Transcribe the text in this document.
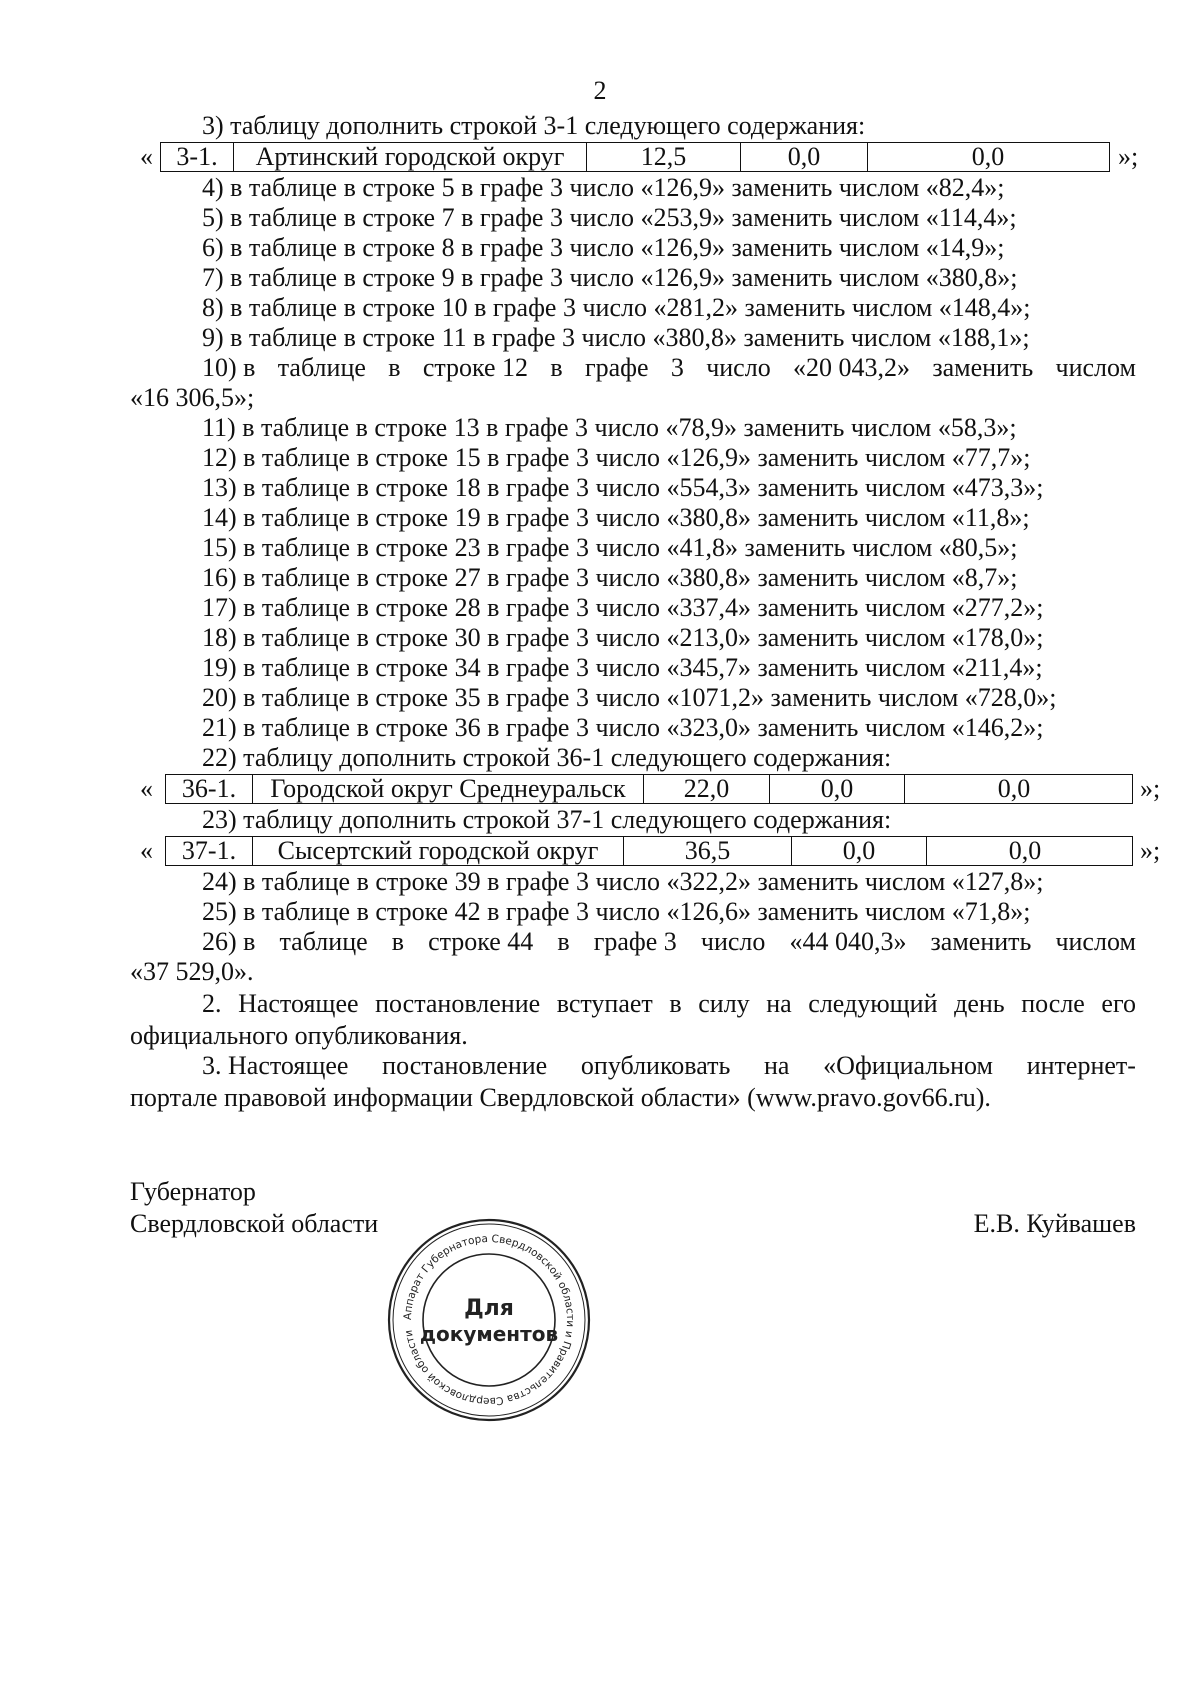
2
3) таблицу дополнить строкой 3-1 следующего содержания:
« 3-1.	Артинский городской округ	12,5	0,0	0,0	»;
4) в таблице в строке 5 в графе 3 число «126,9» заменить числом «82,4»;
5) в таблице в строке 7 в графе 3 число «253,9» заменить числом «114,4»;
6) в таблице в строке 8 в графе 3 число «126,9» заменить числом «14,9»;
7) в таблице в строке 9 в графе 3 число «126,9» заменить числом «380,8»;
8) в таблице в строке 10 в графе 3 число «281,2» заменить числом «148,4»;
9) в таблице в строке 11 в графе 3 число «380,8» заменить числом «188,1»;
10) в таблице в строке 12 в графе 3 число «20 043,2» заменить числом
«16 306,5»;
11) в таблице в строке 13 в графе 3 число «78,9» заменить числом «58,3»;
12) в таблице в строке 15 в графе 3 число «126,9» заменить числом «77,7»;
13) в таблице в строке 18 в графе 3 число «554,3» заменить числом «473,3»;
14) в таблице в строке 19 в графе 3 число «380,8» заменить числом «11,8»;
15) в таблице в строке 23 в графе 3 число «41,8» заменить числом «80,5»;
16) в таблице в строке 27 в графе 3 число «380,8» заменить числом «8,7»;
17) в таблице в строке 28 в графе 3 число «337,4» заменить числом «277,2»;
18) в таблице в строке 30 в графе 3 число «213,0» заменить числом «178,0»;
19) в таблице в строке 34 в графе 3 число «345,7» заменить числом «211,4»;
20) в таблице в строке 35 в графе 3 число «1071,2» заменить числом «728,0»;
21) в таблице в строке 36 в графе 3 число «323,0» заменить числом «146,2»;
22) таблицу дополнить строкой 36-1 следующего содержания:
«	36-1.	Городской округ Среднеуральск	22,0	0,0	0,0	»;
23) таблицу дополнить строкой 37-1 следующего содержания:
«	37-1.	Сысертский городской округ	36,5	0,0	0,0	»;
24) в таблице в строке 39 в графе 3 число «322,2» заменить числом «127,8»;
25) в таблице в строке 42 в графе 3 число «126,6» заменить числом «71,8»;
26) в таблице в строке 44 в графе 3 число «44 040,3» заменить числом
«37 529,0».
2. Настоящее постановление вступает в силу на следующий день после его
официального опубликования.
3. Настоящее постановление опубликовать на «Официальном интернет-
портале правовой информации Свердловской области» (www.pravo.gov66.ru).
Губернатор
Свердловской области	Е.В. Куйвашев
Аппарат Губернатора Свердловской области и Правительства Свердловской области
Для
документов
